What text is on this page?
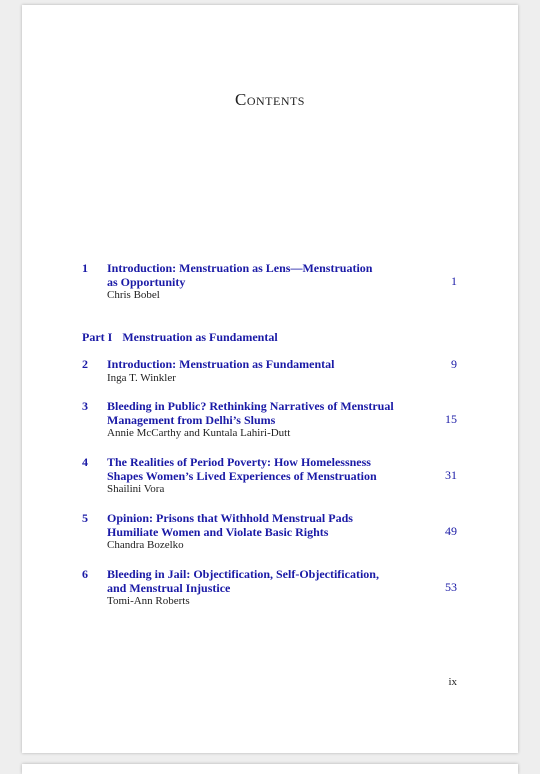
Contents
1 Introduction: Menstruation as Lens—Menstruation
as Opportunity
Chris Bobel
1
Part I Menstruation as Fundamental
2 Introduction: Menstruation as Fundamental
Inga T. Winkler
9
3 Bleeding in Public? Rethinking Narratives of Menstrual
Management from Delhi’s Slums
Annie McCarthy and Kuntala Lahiri-Dutt
15
4 The Realities of Period Poverty: How Homelessness
Shapes Women’s Lived Experiences of Menstruation
Shailini Vora
31
5 Opinion: Prisons that Withhold Menstrual Pads
Humiliate Women and Violate Basic Rights
Chandra Bozelko
49
6 Bleeding in Jail: Objectification, Self-Objectification,
and Menstrual Injustice
Tomi-Ann Roberts
53
ix
